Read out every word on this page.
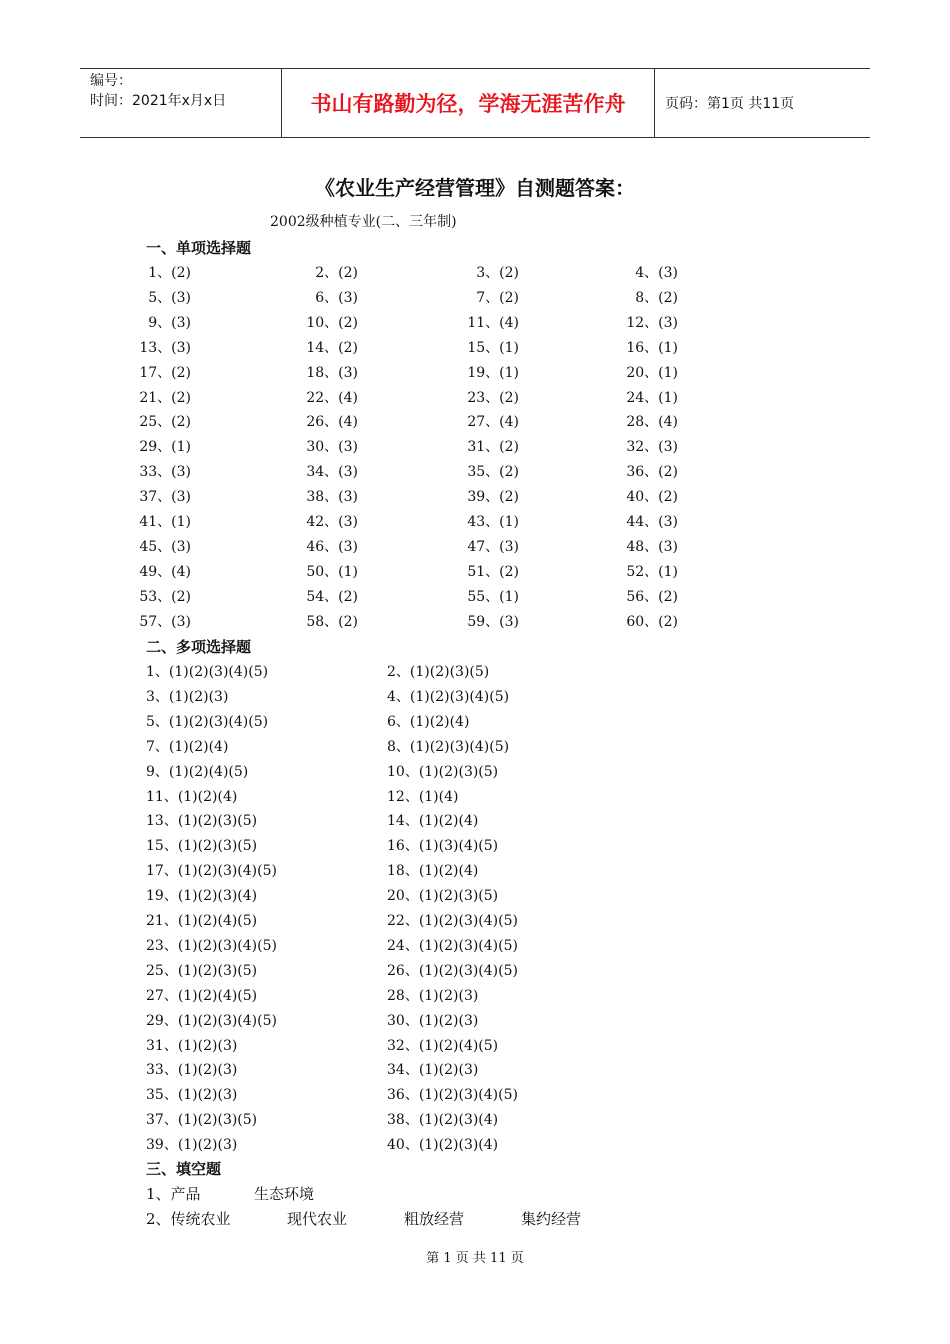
编号：
时间：2021年x月x日	书山有路勤为径，学海无涯苦作舟	页码：第1页 共11页
《农业生产经营管理》自测题答案：
2002级种植专业(二、三年制)
一、单项选择题
1、(2)	2、(2)	3、(2)	4、(3)
5、(3)	6、(3)	7、(2)	8、(2)
9、(3)	10、(2)	11、(4)	12、(3)
13、(3)	14、(2)	15、(1)	16、(1)
17、(2)	18、(3)	19、(1)	20、(1)
21、(2)	22、(4)	23、(2)	24、(1)
25、(2)	26、(4)	27、(4)	28、(4)
29、(1)	30、(3)	31、(2)	32、(3)
33、(3)	34、(3)	35、(2)	36、(2)
37、(3)	38、(3)	39、(2)	40、(2)
41、(1)	42、(3)	43、(1)	44、(3)
45、(3)	46、(3)	47、(3)	48、(3)
49、(4)	50、(1)	51、(2)	52、(1)
53、(2)	54、(2)	55、(1)	56、(2)
57、(3)	58、(2)	59、(3)	60、(2)
二、多项选择题
1、(1)(2)(3)(4)(5)	2、(1)(2)(3)(5)
3、(1)(2)(3)	4、(1)(2)(3)(4)(5)
5、(1)(2)(3)(4)(5)	6、(1)(2)(4)
7、(1)(2)(4)	8、(1)(2)(3)(4)(5)
9、(1)(2)(4)(5)	10、(1)(2)(3)(5)
11、(1)(2)(4)	12、(1)(4)
13、(1)(2)(3)(5)	14、(1)(2)(4)
15、(1)(2)(3)(5)	16、(1)(3)(4)(5)
17、(1)(2)(3)(4)(5)	18、(1)(2)(4)
19、(1)(2)(3)(4)	20、(1)(2)(3)(5)
21、(1)(2)(4)(5)	22、(1)(2)(3)(4)(5)
23、(1)(2)(3)(4)(5)	24、(1)(2)(3)(4)(5)
25、(1)(2)(3)(5)	26、(1)(2)(3)(4)(5)
27、(1)(2)(4)(5)	28、(1)(2)(3)
29、(1)(2)(3)(4)(5)	30、(1)(2)(3)
31、(1)(2)(3)	32、(1)(2)(4)(5)
33、(1)(2)(3)	34、(1)(2)(3)
35、(1)(2)(3)	36、(1)(2)(3)(4)(5)
37、(1)(2)(3)(5)	38、(1)(2)(3)(4)
39、(1)(2)(3)	40、(1)(2)(3)(4)
三、填空题
1、产品	生态环境
2、传统农业	现代农业	粗放经营	集约经营
第 1 页 共 11 页
